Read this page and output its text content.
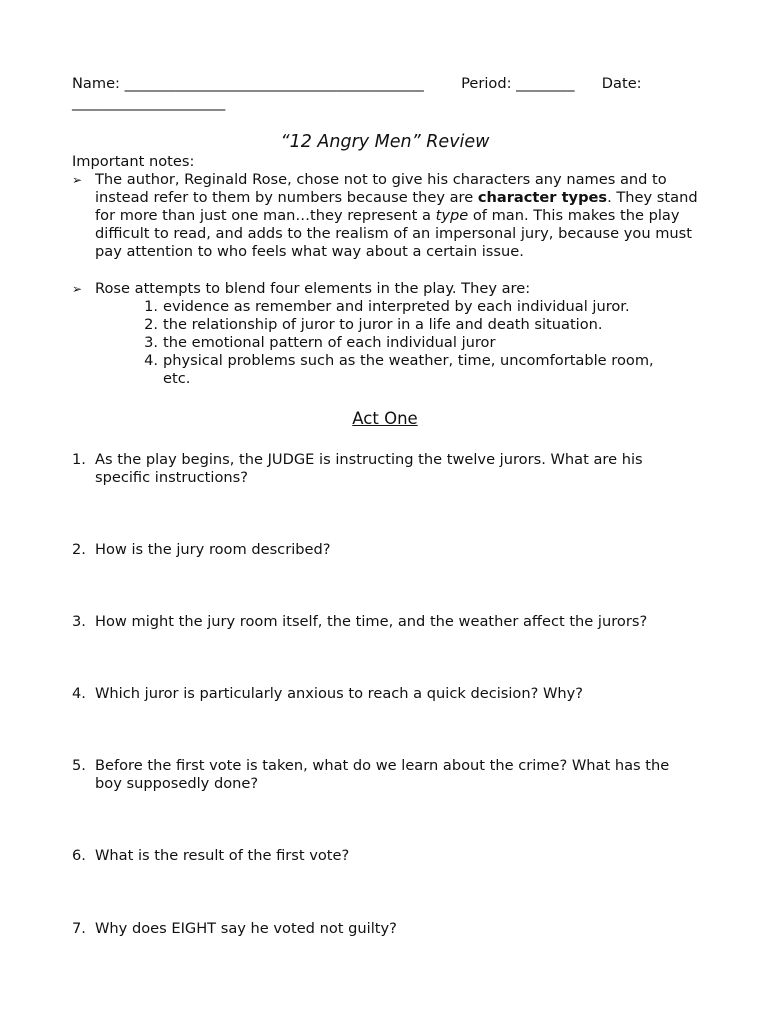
Name: _________________________________________	Period: ________ Date:
_____________________
“12 Angry Men” Review
Important notes:
➢ The author, Reginald Rose, chose not to give his characters any names and to instead refer to them by numbers because they are character types. They stand for more than just one man…they represent a type of man. This makes the play difficult to read, and adds to the realism of an impersonal jury, because you must pay attention to who feels what way about a certain issue.
➢ Rose attempts to blend four elements in the play. They are:
1. evidence as remember and interpreted by each individual juror.
2. the relationship of juror to juror in a life and death situation.
3. the emotional pattern of each individual juror
4. physical problems such as the weather, time, uncomfortable room, etc.
Act One
1. As the play begins, the JUDGE is instructing the twelve jurors. What are his specific instructions?
2. How is the jury room described?
3. How might the jury room itself, the time, and the weather affect the jurors?
4. Which juror is particularly anxious to reach a quick decision? Why?
5. Before the first vote is taken, what do we learn about the crime? What has the boy supposedly done?
6. What is the result of the first vote?
7. Why does EIGHT say he voted not guilty?
